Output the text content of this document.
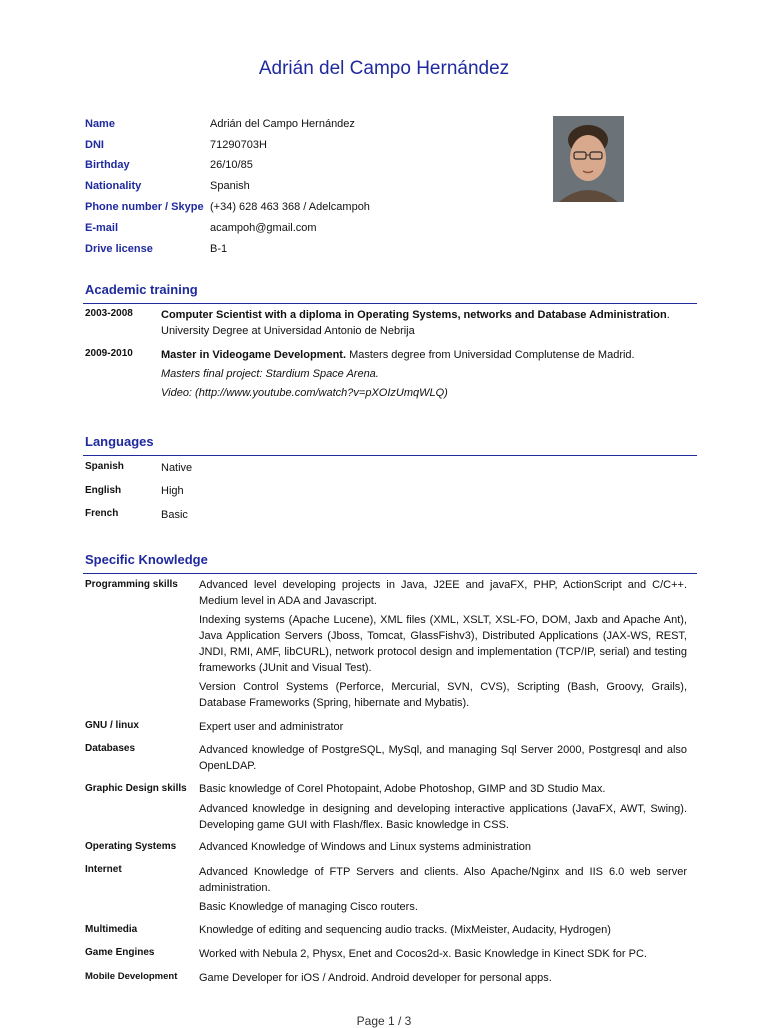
Adrián del Campo Hernández
Name	Adrián del Campo Hernández
DNI	71290703H
Birthday	26/10/85
Nationality	Spanish
Phone number / Skype (+34) 628 463 368 / Adelcampoh
E-mail	acampoh@gmail.com
Drive license	B-1
Academic training
2003-2008	Computer Scientist with a diploma in Operating Systems, networks and Database Administration.
University Degree at Universidad Antonio de Nebrija
2009-2010	Master in Videogame Development. Masters degree from Universidad Complutense de Madrid.
Masters final project: Stardium Space Arena.
Video: (http://www.youtube.com/watch?v=pXOIzUmqWLQ)
Languages
Spanish	Native
English	High
French	Basic
Specific Knowledge
Programming skills	Advanced level developing projects in Java, J2EE and javaFX, PHP, ActionScript and C/C++. Medium level in ADA and Javascript.
Indexing systems (Apache Lucene), XML files (XML, XSLT, XSL-FO, DOM, Jaxb and Apache Ant), Java Application Servers (Jboss, Tomcat, GlassFishv3), Distributed Applications (JAX-WS, REST, JNDI, RMI, AMF, libCURL), network protocol design and implementation (TCP/IP, serial) and testing frameworks (JUnit and Visual Test).
Version Control Systems (Perforce, Mercurial, SVN, CVS), Scripting (Bash, Groovy, Grails), Database Frameworks (Spring, hibernate and Mybatis).
GNU / linux	Expert user and administrator
Databases	Advanced knowledge of PostgreSQL, MySql, and managing Sql Server 2000, Postgresql and also OpenLDAP.
Graphic Design skills	Basic knowledge of Corel Photopaint, Adobe Photoshop, GIMP and 3D Studio Max.
Advanced knowledge in designing and developing interactive applications (JavaFX, AWT, Swing). Developing game GUI with Flash/flex. Basic knowledge in CSS.
Operating Systems	Advanced Knowledge of Windows and Linux systems administration
Internet	Advanced Knowledge of FTP Servers and clients. Also Apache/Nginx and IIS 6.0 web server administration.
Basic Knowledge of managing Cisco routers.
Multimedia	Knowledge of editing and sequencing audio tracks. (MixMeister, Audacity, Hydrogen)
Game Engines	Worked with Nebula 2, Physx, Enet and Cocos2d-x. Basic Knowledge in Kinect SDK for PC.
Mobile Development	Game Developer for iOS / Android. Android developer for personal apps.
Page 1 / 3
